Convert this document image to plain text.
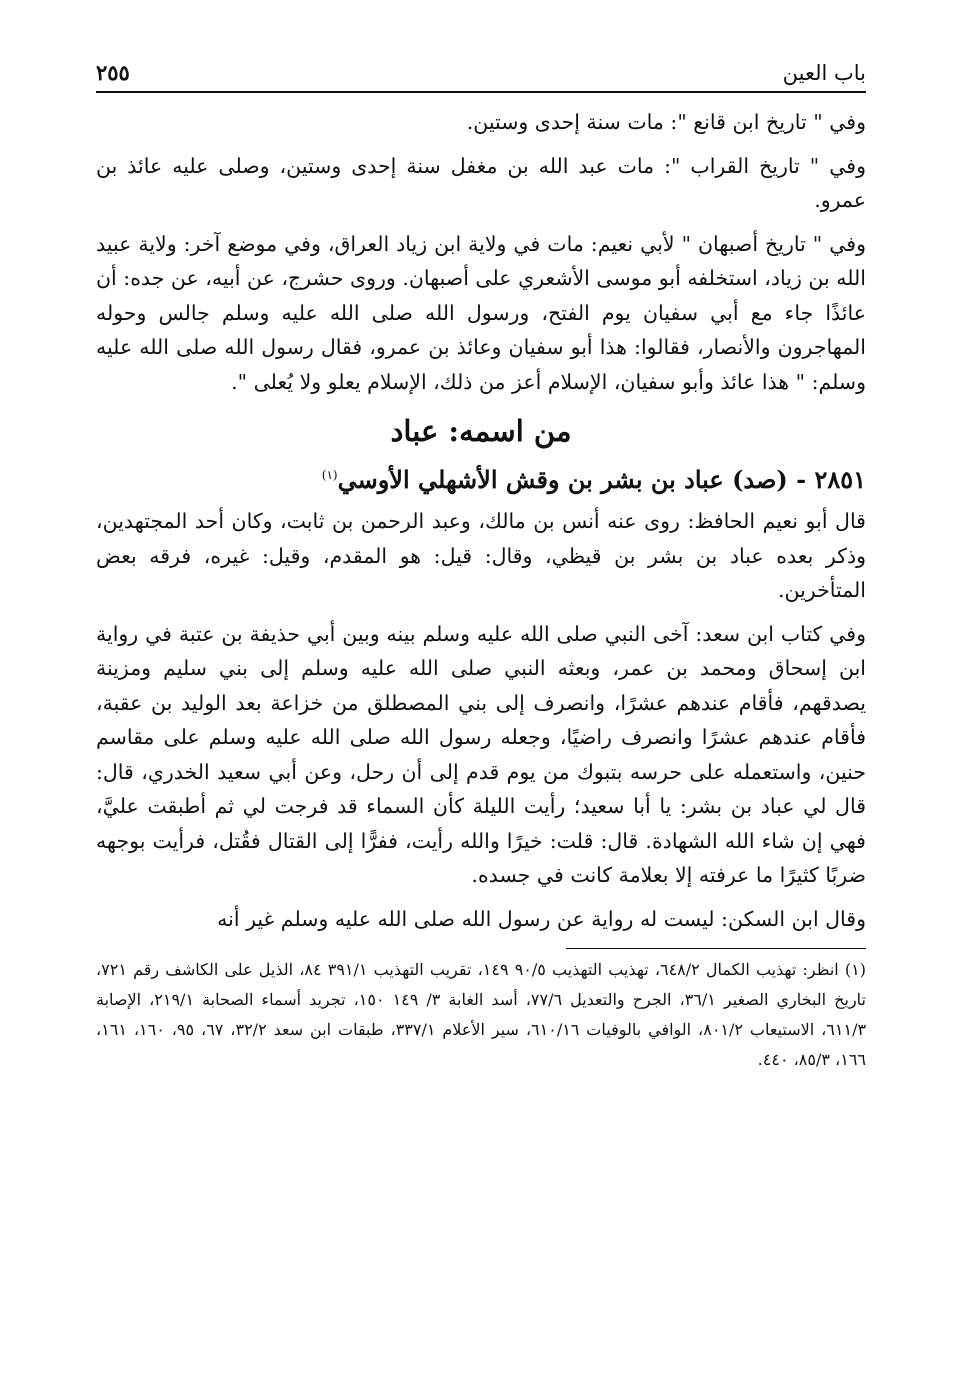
باب العين
٢٥٥

وفي " تاريخ ابن قانع ": مات سنة إحدى وستين.

وفي " تاريخ القراب ": مات عبد الله بن مغفل سنة إحدى وستين، وصلى عليه عائذ بن عمرو.

وفي " تاريخ أصبهان " لأبي نعيم: مات في ولاية ابن زياد العراق، وفي موضع آخر: ولاية عبيد الله بن زياد، استخلفه أبو موسى الأشعري على أصبهان. وروى حشرج، عن أبيه، عن جده: أن عائذًا جاء مع أبي سفيان يوم الفتح، ورسول الله صلى الله عليه وسلم جالس وحوله المهاجرون والأنصار، فقالوا: هذا أبو سفيان وعائذ بن عمرو، فقال رسول الله صلى الله عليه وسلم: " هذا عائذ وأبو سفيان، الإسلام أعز من ذلك، الإسلام يعلو ولا يُعلى ".

من اسمه: عباد
٢٨٥١ - (صد) عباد بن بشر بن وقش الأشهلي الأوسي$^{(١)}$

قال أبو نعيم الحافظ: روى عنه أنس بن مالك، وعبد الرحمن بن ثابت، وكان أحد المجتهدين، وذكر بعده عباد بن بشر بن قيظي، وقال: قيل: هو المقدم، وقيل: غيره، فرقه بعض المتأخرين.

وفي كتاب ابن سعد: آخى النبي صلى الله عليه وسلم بينه وبين أبي حذيفة بن عتبة في رواية ابن إسحاق ومحمد بن عمر، وبعثه النبي صلى الله عليه وسلم إلى بني سليم ومزينة يصدقهم، فأقام عندهم عشرًا، وانصرف إلى بني المصطلق من خزاعة بعد الوليد بن عقبة، فأقام عندهم عشرًا وانصرف راضيًا، وجعله رسول الله صلى الله عليه وسلم على مقاسم حنين، واستعمله على حرسه بتبوك من يوم قدم إلى أن رحل، وعن أبي سعيد الخدري، قال: قال لي عباد بن بشر: يا أبا سعيد؛ رأيت الليلة كأن السماء قد فرجت لي ثم أطبقت عليَّ، فهي إن شاء الله الشهادة. قال: قلت: خيرًا والله رأيت، ففرًّا إلى القتال فقُتل، فرأيت بوجهه ضربًا كثيرًا ما عرفته إلا بعلامة كانت في جسده.

وقال ابن السكن: ليست له رواية عن رسول الله صلى الله عليه وسلم غير أنه

(١) انظر: تهذيب الكمال ٦٤٨/٢، تهذيب التهذيب ٩٠/٥ ١٤٩، تقريب التهذيب ٣٩١/١ ٨٤، الذيل على الكاشف رقم ٧٢١، تاريخ البخاري الصغير ٣٦/١، الجرح والتعديل ٧٧/٦، أسد الغابة ٣/ ١٤٩ ١٥٠، تجريد أسماء الصحابة ٢١٩/١، الإصابة ٦١١/٣، الاستيعاب ٨٠١/٢، الوافي بالوفيات ٦١٠/١٦، سير الأعلام ٣٣٧/١، طبقات ابن سعد ٣٢/٢، ٦٧، ٩٥، ١٦٠، ١٦١، ١٦٦، ٨٥/٣، ٤٤٠.
